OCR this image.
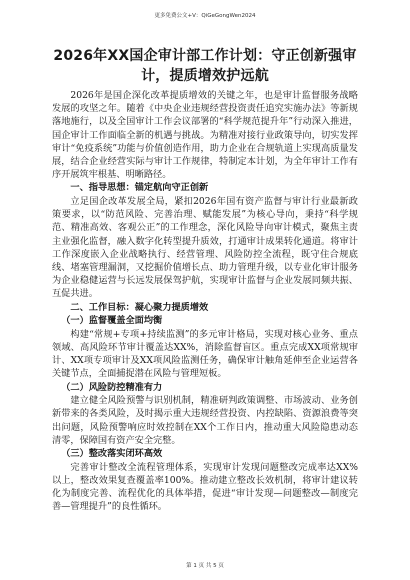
更多免费公文+V：QiGeGongWen2024
2026年XX国企审计部工作计划：守正创新强审计，提质增效护远航

2026年是国企深化改革提质增效的关键之年，也是审计监督服务战略发展的攻坚之年。随着《中央企业违规经营投资责任追究实施办法》等新规落地施行，以及全国审计工作会议部署的“科学规范提升年”行动深入推进，国企审计工作面临全新的机遇与挑战。为精准对接行业政策导向，切实发挥审计“免疫系统”功能与价值创造作用，助力企业在合规轨道上实现高质量发展，结合企业经营实际与审计工作规律，特制定本计划，为全年审计工作有序开展筑牢根基、明晰路径。

一、指导思想：锚定航向守正创新

立足国企改革发展全局，紧扣2026年国有资产监督与审计行业最新政策要求，以“防范风险、完善治理、赋能发展”为核心导向，秉持“科学规范、精准高效、客观公正”的工作理念，深化风险导向审计模式，聚焦主责主业强化监督，融入数字化转型提升质效，打通审计成果转化通道。将审计工作深度嵌入企业战略执行、经营管理、风险防控全流程，既守住合规底线、堵塞管理漏洞，又挖掘价值增长点、助力管理升级，以专业化审计服务为企业稳健运营与长远发展保驾护航，实现审计监督与企业发展同频共振、互促共进。

二、工作目标：凝心聚力提质增效
（一）监督覆盖全面均衡

构建“常规+专项+持续监测”的多元审计格局，实现对核心业务、重点领域、高风险环节审计覆盖达XX%，消除监督盲区。重点完成XX项常规审计、XX项专项审计及XX项风险监测任务，确保审计触角延伸至企业运营各关键节点，全面捕捉潜在风险与管理短板。

（二）风险防控精准有力

建立健全风险预警与识别机制，精准研判政策调整、市场波动、业务创新带来的各类风险，及时揭示重大违规经营投资、内控缺陷、资源浪费等突出问题，风险预警响应时效控制在XX个工作日内，推动重大风险隐患动态清零，保障国有资产安全完整。

（三）整改落实闭环高效

完善审计整改全流程管理体系，实现审计发现问题整改完成率达XX%以上，整改效果复查覆盖率100%。推动建立整改长效机制，将审计建议转化为制度完善、流程优化的具体举措，促进“审计发现—问题整改—制度完善—管理提升”的良性循环。

第 1 页 共 5 页
